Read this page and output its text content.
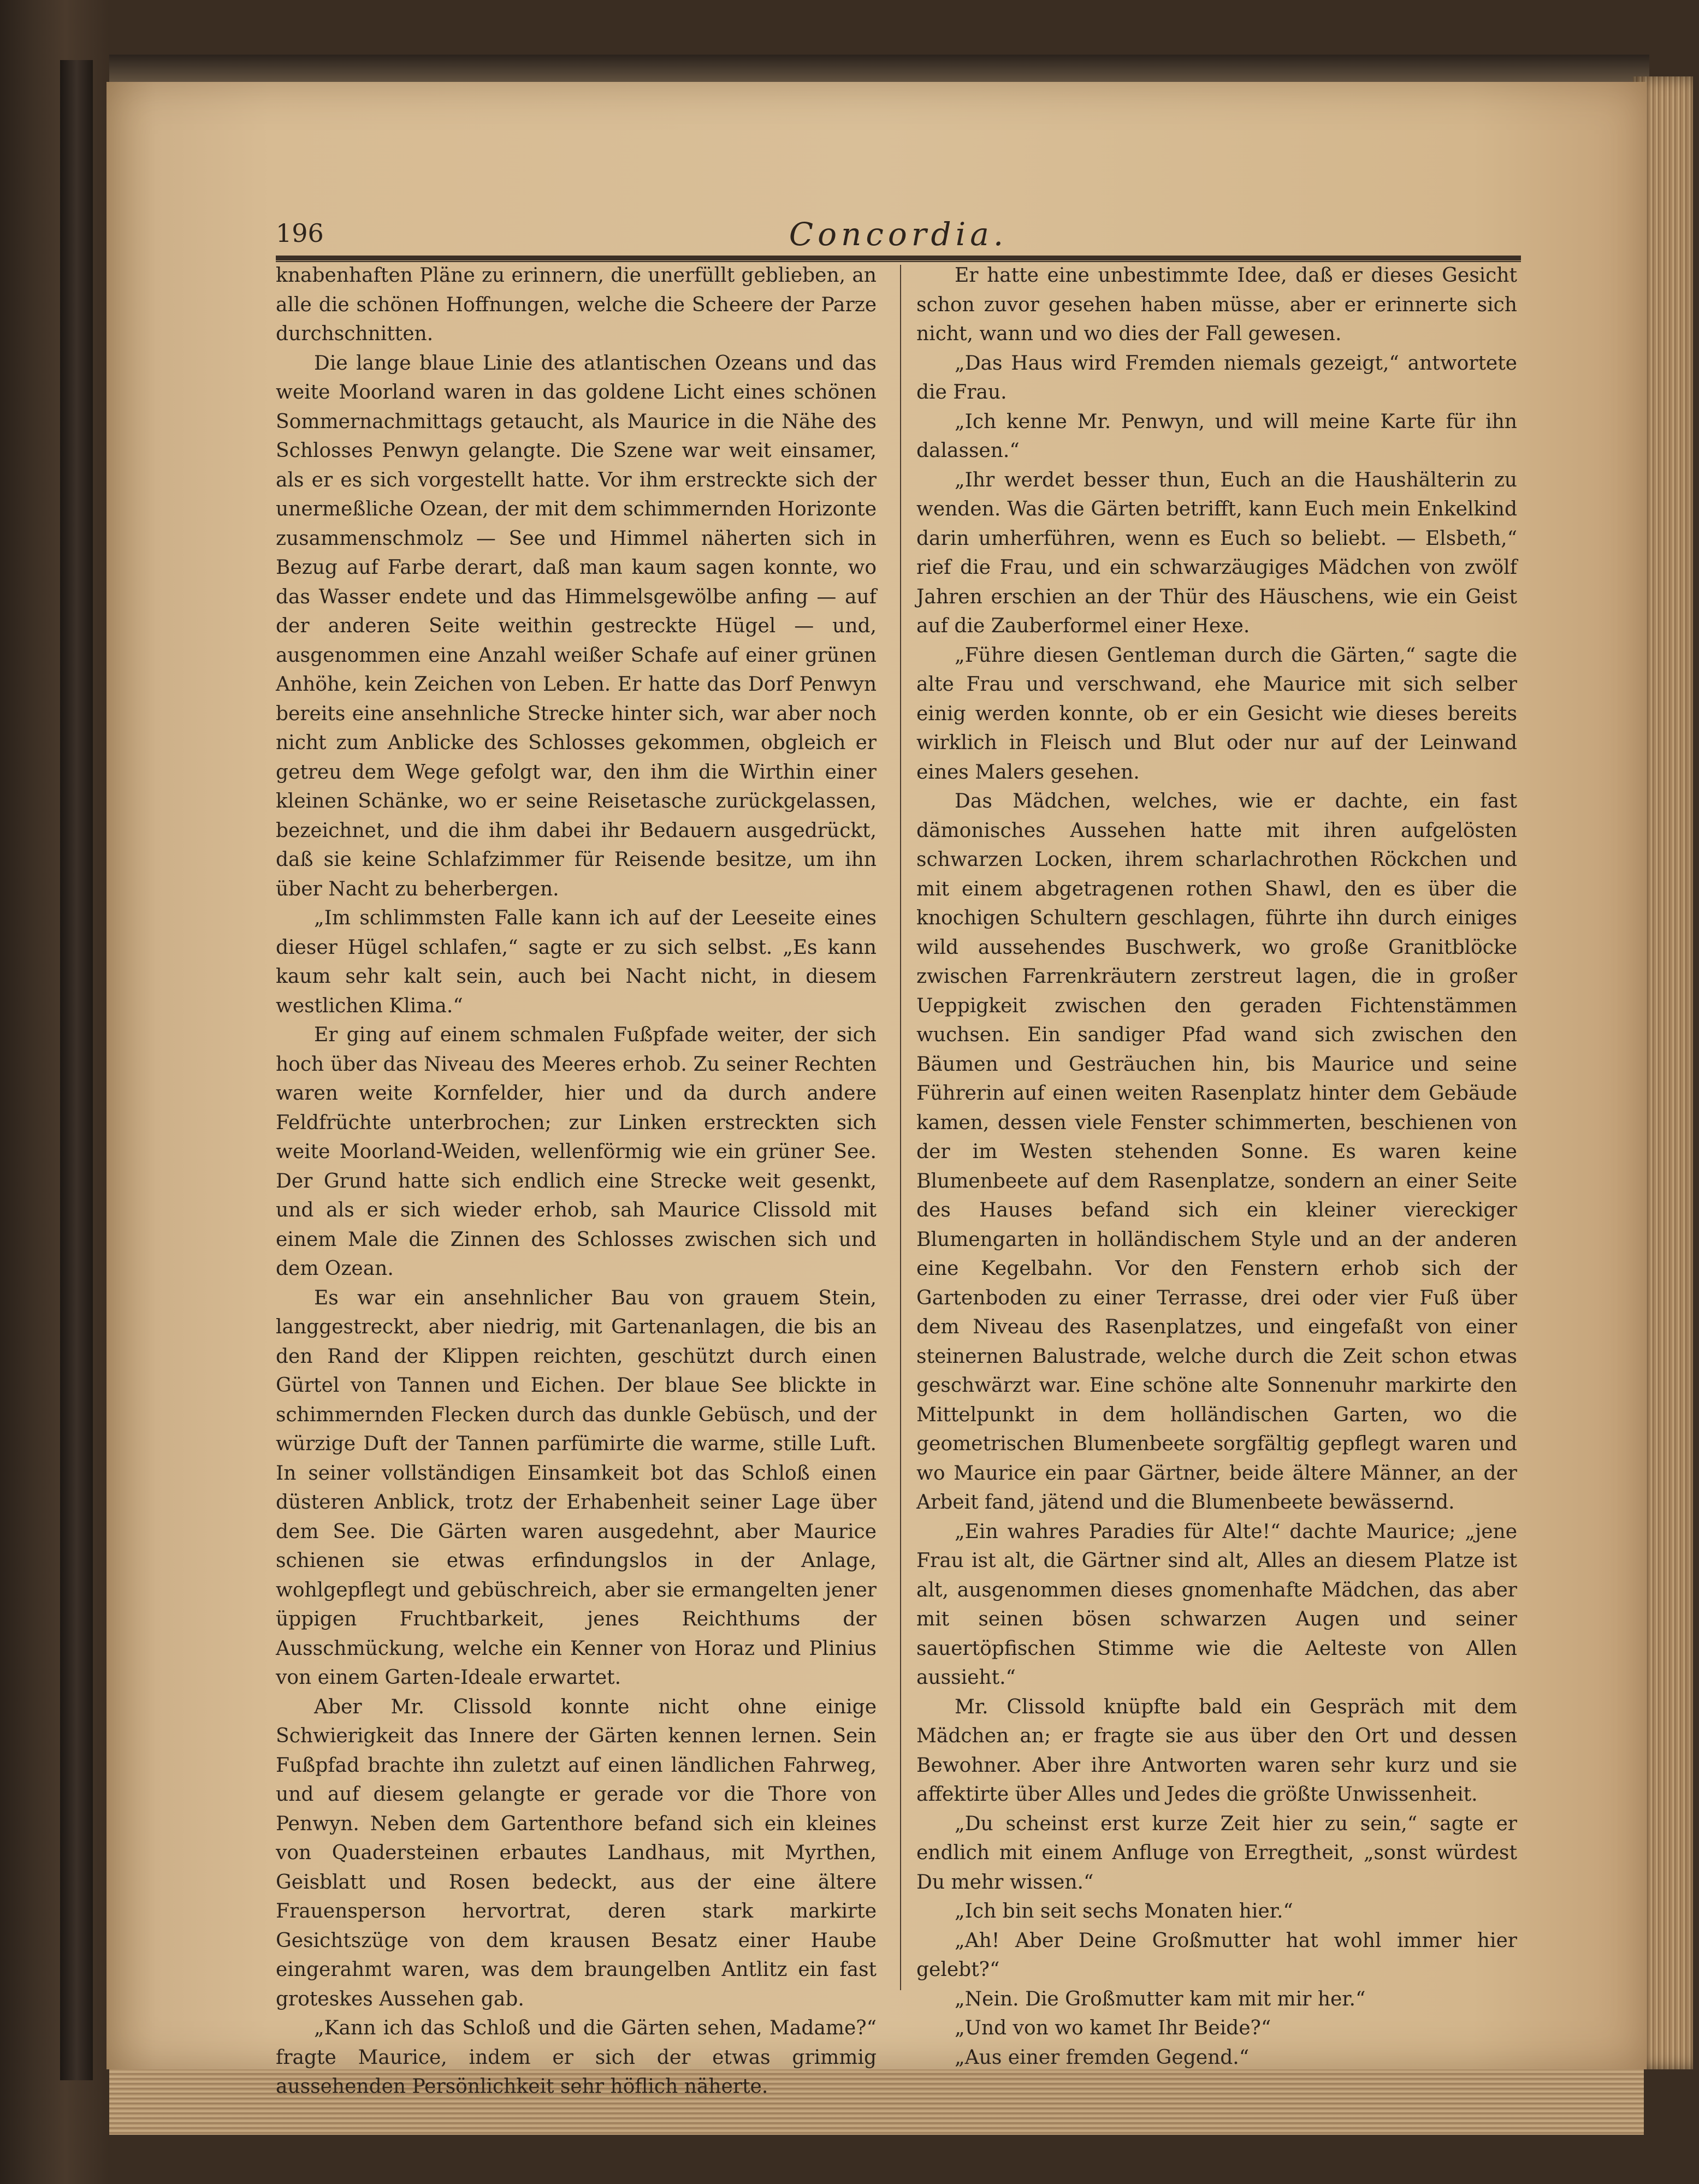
196	Concordia.

knabenhaften Pläne zu erinnern, die unerfüllt geblieben, an alle die schönen Hoffnungen, welche die Scheere der Parze durchschnitten.

Die lange blaue Linie des atlantischen Ozeans und das weite Moorland waren in das goldene Licht eines schönen Sommernachmittags getaucht, als Maurice in die Nähe des Schlosses Penwyn gelangte. Die Szene war weit einsamer, als er es sich vorgestellt hatte. Vor ihm erstreckte sich der unermeßliche Ozean, der mit dem schimmernden Horizonte zusammenschmolz — See und Himmel näherten sich in Bezug auf Farbe derart, daß man kaum sagen konnte, wo das Wasser endete und das Himmelsgewölbe anfing — auf der anderen Seite weithin gestreckte Hügel — und, ausgenommen eine Anzahl weißer Schafe auf einer grünen Anhöhe, kein Zeichen von Leben. Er hatte das Dorf Penwyn bereits eine ansehnliche Strecke hinter sich, war aber noch nicht zum Anblicke des Schlosses gekommen, obgleich er getreu dem Wege gefolgt war, den ihm die Wirthin einer kleinen Schänke, wo er seine Reisetasche zurückgelassen, bezeichnet, und die ihm dabei ihr Bedauern ausgedrückt, daß sie keine Schlafzimmer für Reisende besitze, um ihn über Nacht zu beherbergen.

„Im schlimmsten Falle kann ich auf der Leeseite eines dieser Hügel schlafen,“ sagte er zu sich selbst. „Es kann kaum sehr kalt sein, auch bei Nacht nicht, in diesem westlichen Klima.“

Er ging auf einem schmalen Fußpfade weiter, der sich hoch über das Niveau des Meeres erhob. Zu seiner Rechten waren weite Kornfelder, hier und da durch andere Feldfrüchte unterbrochen; zur Linken erstreckten sich weite Moorland-Weiden, wellenförmig wie ein grüner See. Der Grund hatte sich endlich eine Strecke weit gesenkt, und als er sich wieder erhob, sah Maurice Clissold mit einem Male die Zinnen des Schlosses zwischen sich und dem Ozean.

Es war ein ansehnlicher Bau von grauem Stein, langgestreckt, aber niedrig, mit Gartenanlagen, die bis an den Rand der Klippen reichten, geschützt durch einen Gürtel von Tannen und Eichen. Der blaue See blickte in schimmernden Flecken durch das dunkle Gebüsch, und der würzige Duft der Tannen parfümirte die warme, stille Luft. In seiner vollständigen Einsamkeit bot das Schloß einen düsteren Anblick, trotz der Erhabenheit seiner Lage über dem See. Die Gärten waren ausgedehnt, aber Maurice schienen sie etwas erfindungslos in der Anlage, wohlgepflegt und gebüschreich, aber sie ermangelten jener üppigen Fruchtbarkeit, jenes Reichthums der Ausschmückung, welche ein Kenner von Horaz und Plinius von einem Garten-Ideale erwartet.

Aber Mr. Clissold konnte nicht ohne einige Schwierigkeit das Innere der Gärten kennen lernen. Sein Fußpfad brachte ihn zuletzt auf einen ländlichen Fahrweg, und auf diesem gelangte er gerade vor die Thore von Penwyn. Neben dem Gartenthore befand sich ein kleines von Quadersteinen erbautes Landhaus, mit Myrthen, Geisblatt und Rosen bedeckt, aus der eine ältere Frauensperson hervortrat, deren stark markirte Gesichtszüge von dem krausen Besatz einer Haube eingerahmt waren, was dem braungelben Antlitz ein fast groteskes Aussehen gab.

„Kann ich das Schloß und die Gärten sehen, Madame?“ fragte Maurice, indem er sich der etwas grimmig aussehenden Persönlichkeit sehr höflich näherte.

Er hatte eine unbestimmte Idee, daß er dieses Gesicht schon zuvor gesehen haben müsse, aber er erinnerte sich nicht, wann und wo dies der Fall gewesen.

„Das Haus wird Fremden niemals gezeigt,“ antwortete die Frau.

„Ich kenne Mr. Penwyn, und will meine Karte für ihn dalassen.“

„Ihr werdet besser thun, Euch an die Haushälterin zu wenden. Was die Gärten betrifft, kann Euch mein Enkelkind darin umherführen, wenn es Euch so beliebt. — Elsbeth,“ rief die Frau, und ein schwarzäugiges Mädchen von zwölf Jahren erschien an der Thür des Häuschens, wie ein Geist auf die Zauberformel einer Hexe.

„Führe diesen Gentleman durch die Gärten,“ sagte die alte Frau und verschwand, ehe Maurice mit sich selber einig werden konnte, ob er ein Gesicht wie dieses bereits wirklich in Fleisch und Blut oder nur auf der Leinwand eines Malers gesehen.

Das Mädchen, welches, wie er dachte, ein fast dämonisches Aussehen hatte mit ihren aufgelösten schwarzen Locken, ihrem scharlachrothen Röckchen und mit einem abgetragenen rothen Shawl, den es über die knochigen Schultern geschlagen, führte ihn durch einiges wild aussehendes Buschwerk, wo große Granitblöcke zwischen Farrenkräutern zerstreut lagen, die in großer Ueppigkeit zwischen den geraden Fichtenstämmen wuchsen. Ein sandiger Pfad wand sich zwischen den Bäumen und Gesträuchen hin, bis Maurice und seine Führerin auf einen weiten Rasenplatz hinter dem Gebäude kamen, dessen viele Fenster schimmerten, beschienen von der im Westen stehenden Sonne. Es waren keine Blumenbeete auf dem Rasenplatze, sondern an einer Seite des Hauses befand sich ein kleiner viereckiger Blumengarten in holländischem Style und an der anderen eine Kegelbahn. Vor den Fenstern erhob sich der Gartenboden zu einer Terrasse, drei oder vier Fuß über dem Niveau des Rasenplatzes, und eingefaßt von einer steinernen Balustrade, welche durch die Zeit schon etwas geschwärzt war. Eine schöne alte Sonnenuhr markirte den Mittelpunkt in dem holländischen Garten, wo die geometrischen Blumenbeete sorgfältig gepflegt waren und wo Maurice ein paar Gärtner, beide ältere Männer, an der Arbeit fand, jätend und die Blumenbeete bewässernd.

„Ein wahres Paradies für Alte!“ dachte Maurice; „jene Frau ist alt, die Gärtner sind alt, Alles an diesem Platze ist alt, ausgenommen dieses gnomenhafte Mädchen, das aber mit seinen bösen schwarzen Augen und seiner sauertöpfischen Stimme wie die Aelteste von Allen aussieht.“

Mr. Clissold knüpfte bald ein Gespräch mit dem Mädchen an; er fragte sie aus über den Ort und dessen Bewohner. Aber ihre Antworten waren sehr kurz und sie affektirte über Alles und Jedes die größte Unwissenheit.

„Du scheinst erst kurze Zeit hier zu sein,“ sagte er endlich mit einem Anfluge von Erregtheit, „sonst würdest Du mehr wissen.“

„Ich bin seit sechs Monaten hier.“

„Ah! Aber Deine Großmutter hat wohl immer hier gelebt?“

„Nein. Die Großmutter kam mit mir her.“

„Und von wo kamet Ihr Beide?“

„Aus einer fremden Gegend.“
